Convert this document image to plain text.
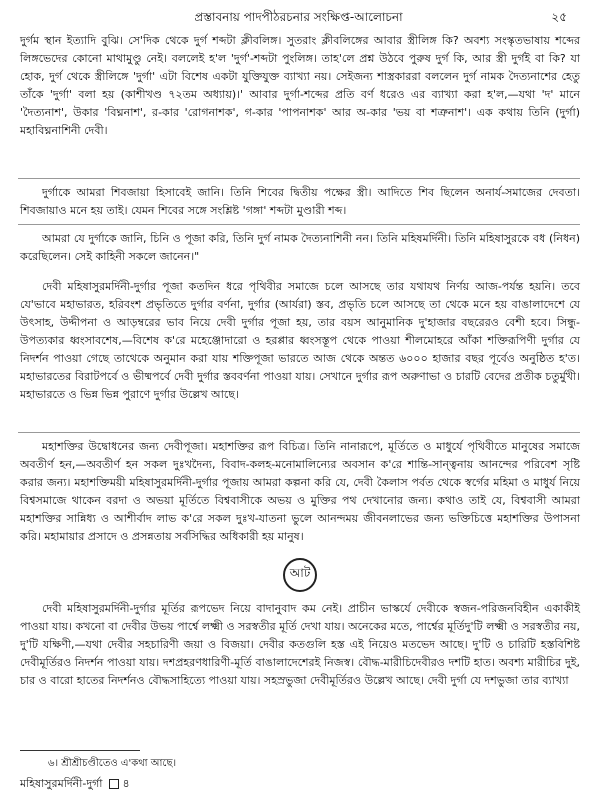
প্রস্তাবনায় পাদপীঠরচনার সংক্ষিপ্ত-আলোচনা	২৫

দুর্গম স্থান ইত্যাদি বুঝি। সে'দিক থেকে দুর্গ শব্দটা ক্লীবলিঙ্গ। সুতরাং ক্লীবলিঙ্গের আবার স্ত্রীলিঙ্গ কি? অবশ্য সংস্কৃতভাষায় শব্দের লিঙ্গভেদের কোনো মাথামুণ্ডু নেই। বললেই হ'ল 'দুর্গ'-শব্দটা পুংলিঙ্গ। তাহ'লে প্রশ্ন উঠবে পুরুষ দুর্গ কি, আর স্ত্রী দুর্গই বা কি? যা হোক, দুর্গ থেকে স্ত্রীলিঙ্গে 'দুর্গা' এটা বিশেষ একটা যুক্তিযুক্ত ব্যাখ্যা নয়। সেইজন্য শাস্ত্রকাররা বললেন দুর্গ নামক দৈত্যনাশের হেতু তাঁকে 'দুর্গা' বলা হয় (কাশীখণ্ড ৭২তম অধ্যায়)।' আবার দুর্গা-শব্দের প্রতি বর্ণ ধরেও এর ব্যাখ্যা করা হ'ল,—যথা 'দ' মানে 'দৈত্যনাশ', উকার 'বিঘ্ননাশ', র-কার 'রোগনাশক', গ-কার 'পাপনাশক' আর অ-কার 'ভয় বা শত্রুনাশ'। এক কথায় তিনি (দুর্গা) মহাবিঘ্ননাশিনী দেবী।

দুর্গাকে আমরা শিবজায়া হিসাবেই জানি। তিনি শিবের দ্বিতীয় পক্ষের স্ত্রী। আদিতে শিব ছিলেন অনার্য-সমাজের দেবতা। শিবজায়াও মনে হয় তাই। যেমন শিবের সঙ্গে সংশ্লিষ্ট 'গঙ্গা' শব্দটা মুণ্ডারী শব্দ।

আমরা যে দুর্গাকে জানি, চিনি ও পূজা করি, তিনি দুর্গ নামক দৈত্যনাশিনী নন। তিনি মহিষমর্দিনী। তিনি মহিষাসুরকে বধ (নিধন) করেছিলেন। সেই কাহিনী সকলে জানেন।"

দেবী মহিষাসুরমর্দিনী-দুর্গার পূজা কতদিন ধরে পৃথিবীর সমাজে চলে আসছে তার যথাযথ নির্ণয় আজ-পর্যন্ত হয়নি। তবে যে'ভাবে মহাভারত, হরিবংশ প্রভৃতিতে দুর্গার বর্ণনা, দুর্গার (আর্যরা) স্তব, প্রভৃতি চলে আসছে তা থেকে মনে হয় বাঙালাদেশে যে উৎসাহ, উদ্দীপনা ও আড়ম্বরের ভাব নিয়ে দেবী দুর্গার পূজা হয়, তার বয়স আনুমানিক দু'হাজার বছরেরও বেশী হবে। সিন্ধু-উপত্যকার ধ্বংসাবশেষ,—বিশেষ ক'রে মহেঞ্জোদারো ও হরপ্পার ধ্বংসস্তূপ থেকে পাওয়া শীলমোহরে আঁকা শক্তিরূপিণী দুর্গার যে নিদর্শন পাওয়া গেছে তাথেকে অনুমান করা যায় শক্তিপূজা ভারতে আজ থেকে অন্তত ৬০০০ হাজার বছর পূর্বেও অনুষ্ঠিত হ'ত। মহাভারতের বিরাটপর্বে ও ভীষ্মপর্বে দেবী দুর্গার স্তববর্ণনা পাওয়া যায়। সেখানে দুর্গার রূপ অরুণাভা ও চারটি বেদের প্রতীক চতুর্মুখী। মহাভারতে ও ভিন্ন ভিন্ন পুরাণে দুর্গার উল্লেখ আছে।

মহাশক্তির উদ্বোধনের জন্য দেবীপূজা। মহাশক্তির রূপ বিচিত্র। তিনি নানারূপে, মূর্তিতে ও মাধুর্যে পৃথিবীতে মানুষের সমাজে অবতীর্ণ হন,—অবতীর্ণ হন সকল দুঃখদৈন্য, বিবাদ-কলহ-মনোমালিন্যের অবসান ক'রে শান্তি-সান্ত্বনায় আনন্দের পরিবেশ সৃষ্টি করার জন্য। মহাশক্তিময়ী মহিষাসুরমর্দিনী-দুর্গার পূজায় আমরা কল্পনা করি যে, দেবী কৈলাস পর্বত থেকে স্বর্গের মহিমা ও মাধুর্য নিয়ে বিশ্বসমাজে থাকেন বরদা ও অভয়া মূর্তিতে বিশ্ববাসীকে অভয় ও মুক্তির পথ দেখানোর জন্য। কথাও তাই যে, বিশ্ববাসী আমরা মহাশক্তির সান্নিধ্য ও আশীর্বাদ লাভ ক'রে সকল দুঃখ-যাতনা ভুলে আনন্দময় জীবনলাভের জন্য ভক্তিচিত্তে মহাশক্তির উপাসনা করি। মহামায়ার প্রসাদে ও প্রসন্নতায় সর্বসিদ্ধির অধিকারী হয় মানুষ।

আট

দেবী মহিষাসুরমর্দিনী-দুর্গার মূর্তির রূপভেদ নিয়ে বাদানুবাদ কম নেই। প্রাচীন ভাস্কর্যে দেবীকে স্বজন-পরিজনবিহীন একাকীই পাওয়া যায়। কখনো বা দেবীর উভয় পার্শ্বে লক্ষ্মী ও সরস্বতীর মূর্তি দেখা যায়। অনেকের মতে, পার্শ্বের মূর্তিদু'টি লক্ষ্মী ও সরস্বতীর নয়, দু'টি যক্ষিণী,—যথা দেবীর সহচারিণী জয়া ও বিজয়া। দেবীর কতগুলি হস্ত এই নিয়েও মতভেদ আছে। দু'টি ও চারিটি হস্তবিশিষ্ট দেবীমূর্তিরও নিদর্শন পাওয়া যায়। দশপ্রহরণধারিণী-মূর্তি বাঙালাদেশেরই নিজস্ব। বৌদ্ধ-মারীচিদেবীরও দশটি হাত। অবশ্য মারীচির দুই, চার ও বারো হাতের নিদর্শনও বৌদ্ধসাহিত্যে পাওয়া যায়। সহস্রভুজা দেবীমূর্তিরও উল্লেখ আছে। দেবী দুর্গা যে দশভুজা তার ব্যাখ্যা

৬। শ্রীশ্রীচণ্ডীতেও এ'কথা আছে।
মহিষাসুরমর্দিনী-দুর্গা ৪
